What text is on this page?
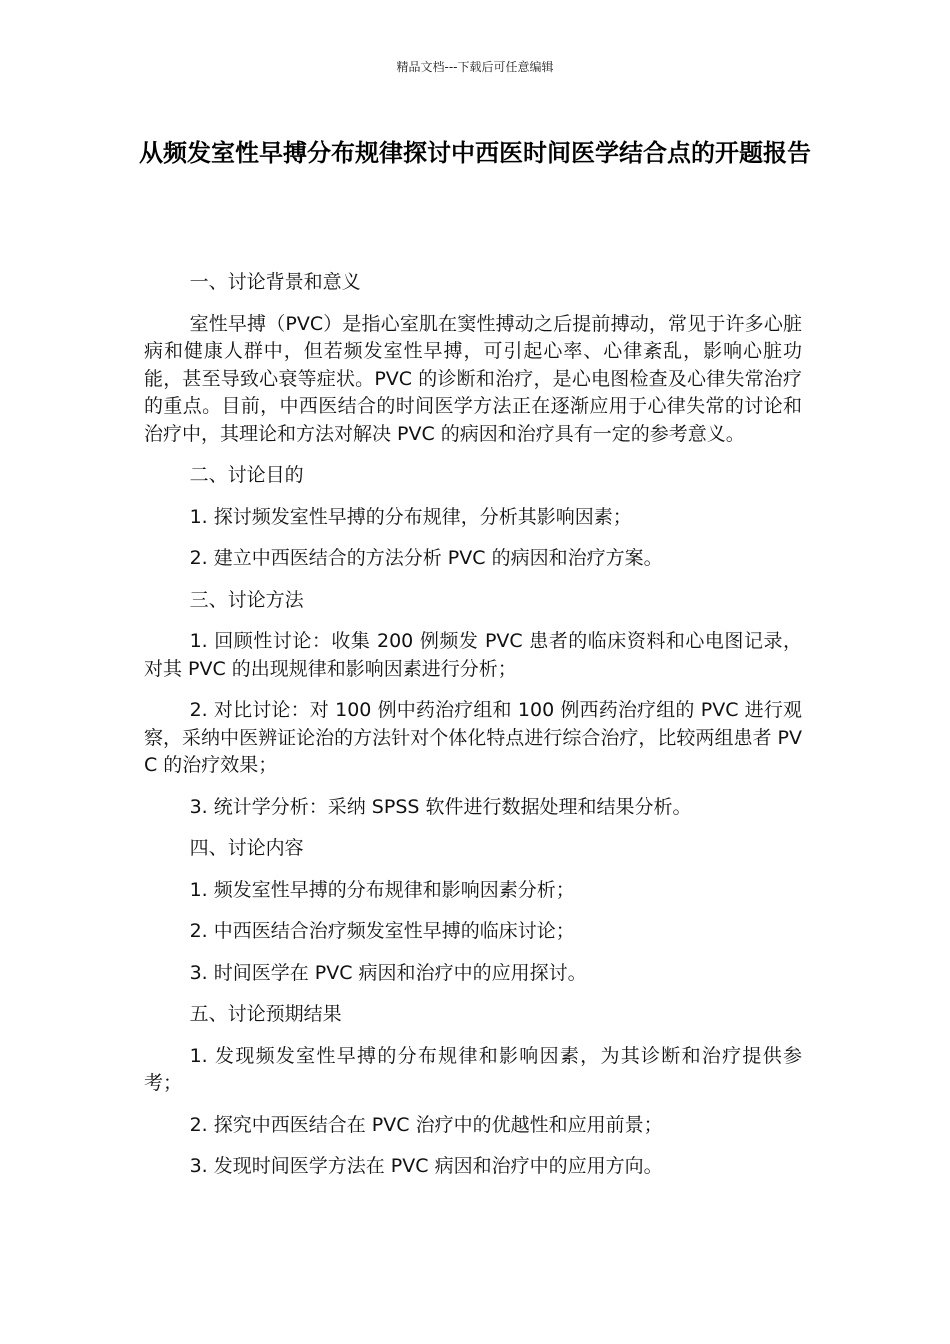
精品文档---下载后可任意编辑
从频发室性早搏分布规律探讨中西医时间医学结合点的开题报告

一、讨论背景和意义

室性早搏（PVC）是指心室肌在窦性搏动之后提前搏动，常见于许多心脏病和健康人群中，但若频发室性早搏，可引起心率、心律紊乱，影响心脏功能，甚至导致心衰等症状。PVC 的诊断和治疗，是心电图检查及心律失常治疗的重点。目前，中西医结合的时间医学方法正在逐渐应用于心律失常的讨论和治疗中，其理论和方法对解决 PVC 的病因和治疗具有一定的参考意义。

二、讨论目的

1. 探讨频发室性早搏的分布规律，分析其影响因素；

2. 建立中西医结合的方法分析 PVC 的病因和治疗方案。

三、讨论方法

1. 回顾性讨论：收集 200 例频发 PVC 患者的临床资料和心电图记录，对其 PVC 的出现规律和影响因素进行分析；

2. 对比讨论：对 100 例中药治疗组和 100 例西药治疗组的 PVC 进行观察，采纳中医辨证论治的方法针对个体化特点进行综合治疗，比较两组患者 PVC 的治疗效果；

3. 统计学分析：采纳 SPSS 软件进行数据处理和结果分析。

四、讨论内容

1. 频发室性早搏的分布规律和影响因素分析；

2. 中西医结合治疗频发室性早搏的临床讨论；

3. 时间医学在 PVC 病因和治疗中的应用探讨。

五、讨论预期结果

1. 发现频发室性早搏的分布规律和影响因素，为其诊断和治疗提供参考；

2. 探究中西医结合在 PVC 治疗中的优越性和应用前景；

3. 发现时间医学方法在 PVC 病因和治疗中的应用方向。
